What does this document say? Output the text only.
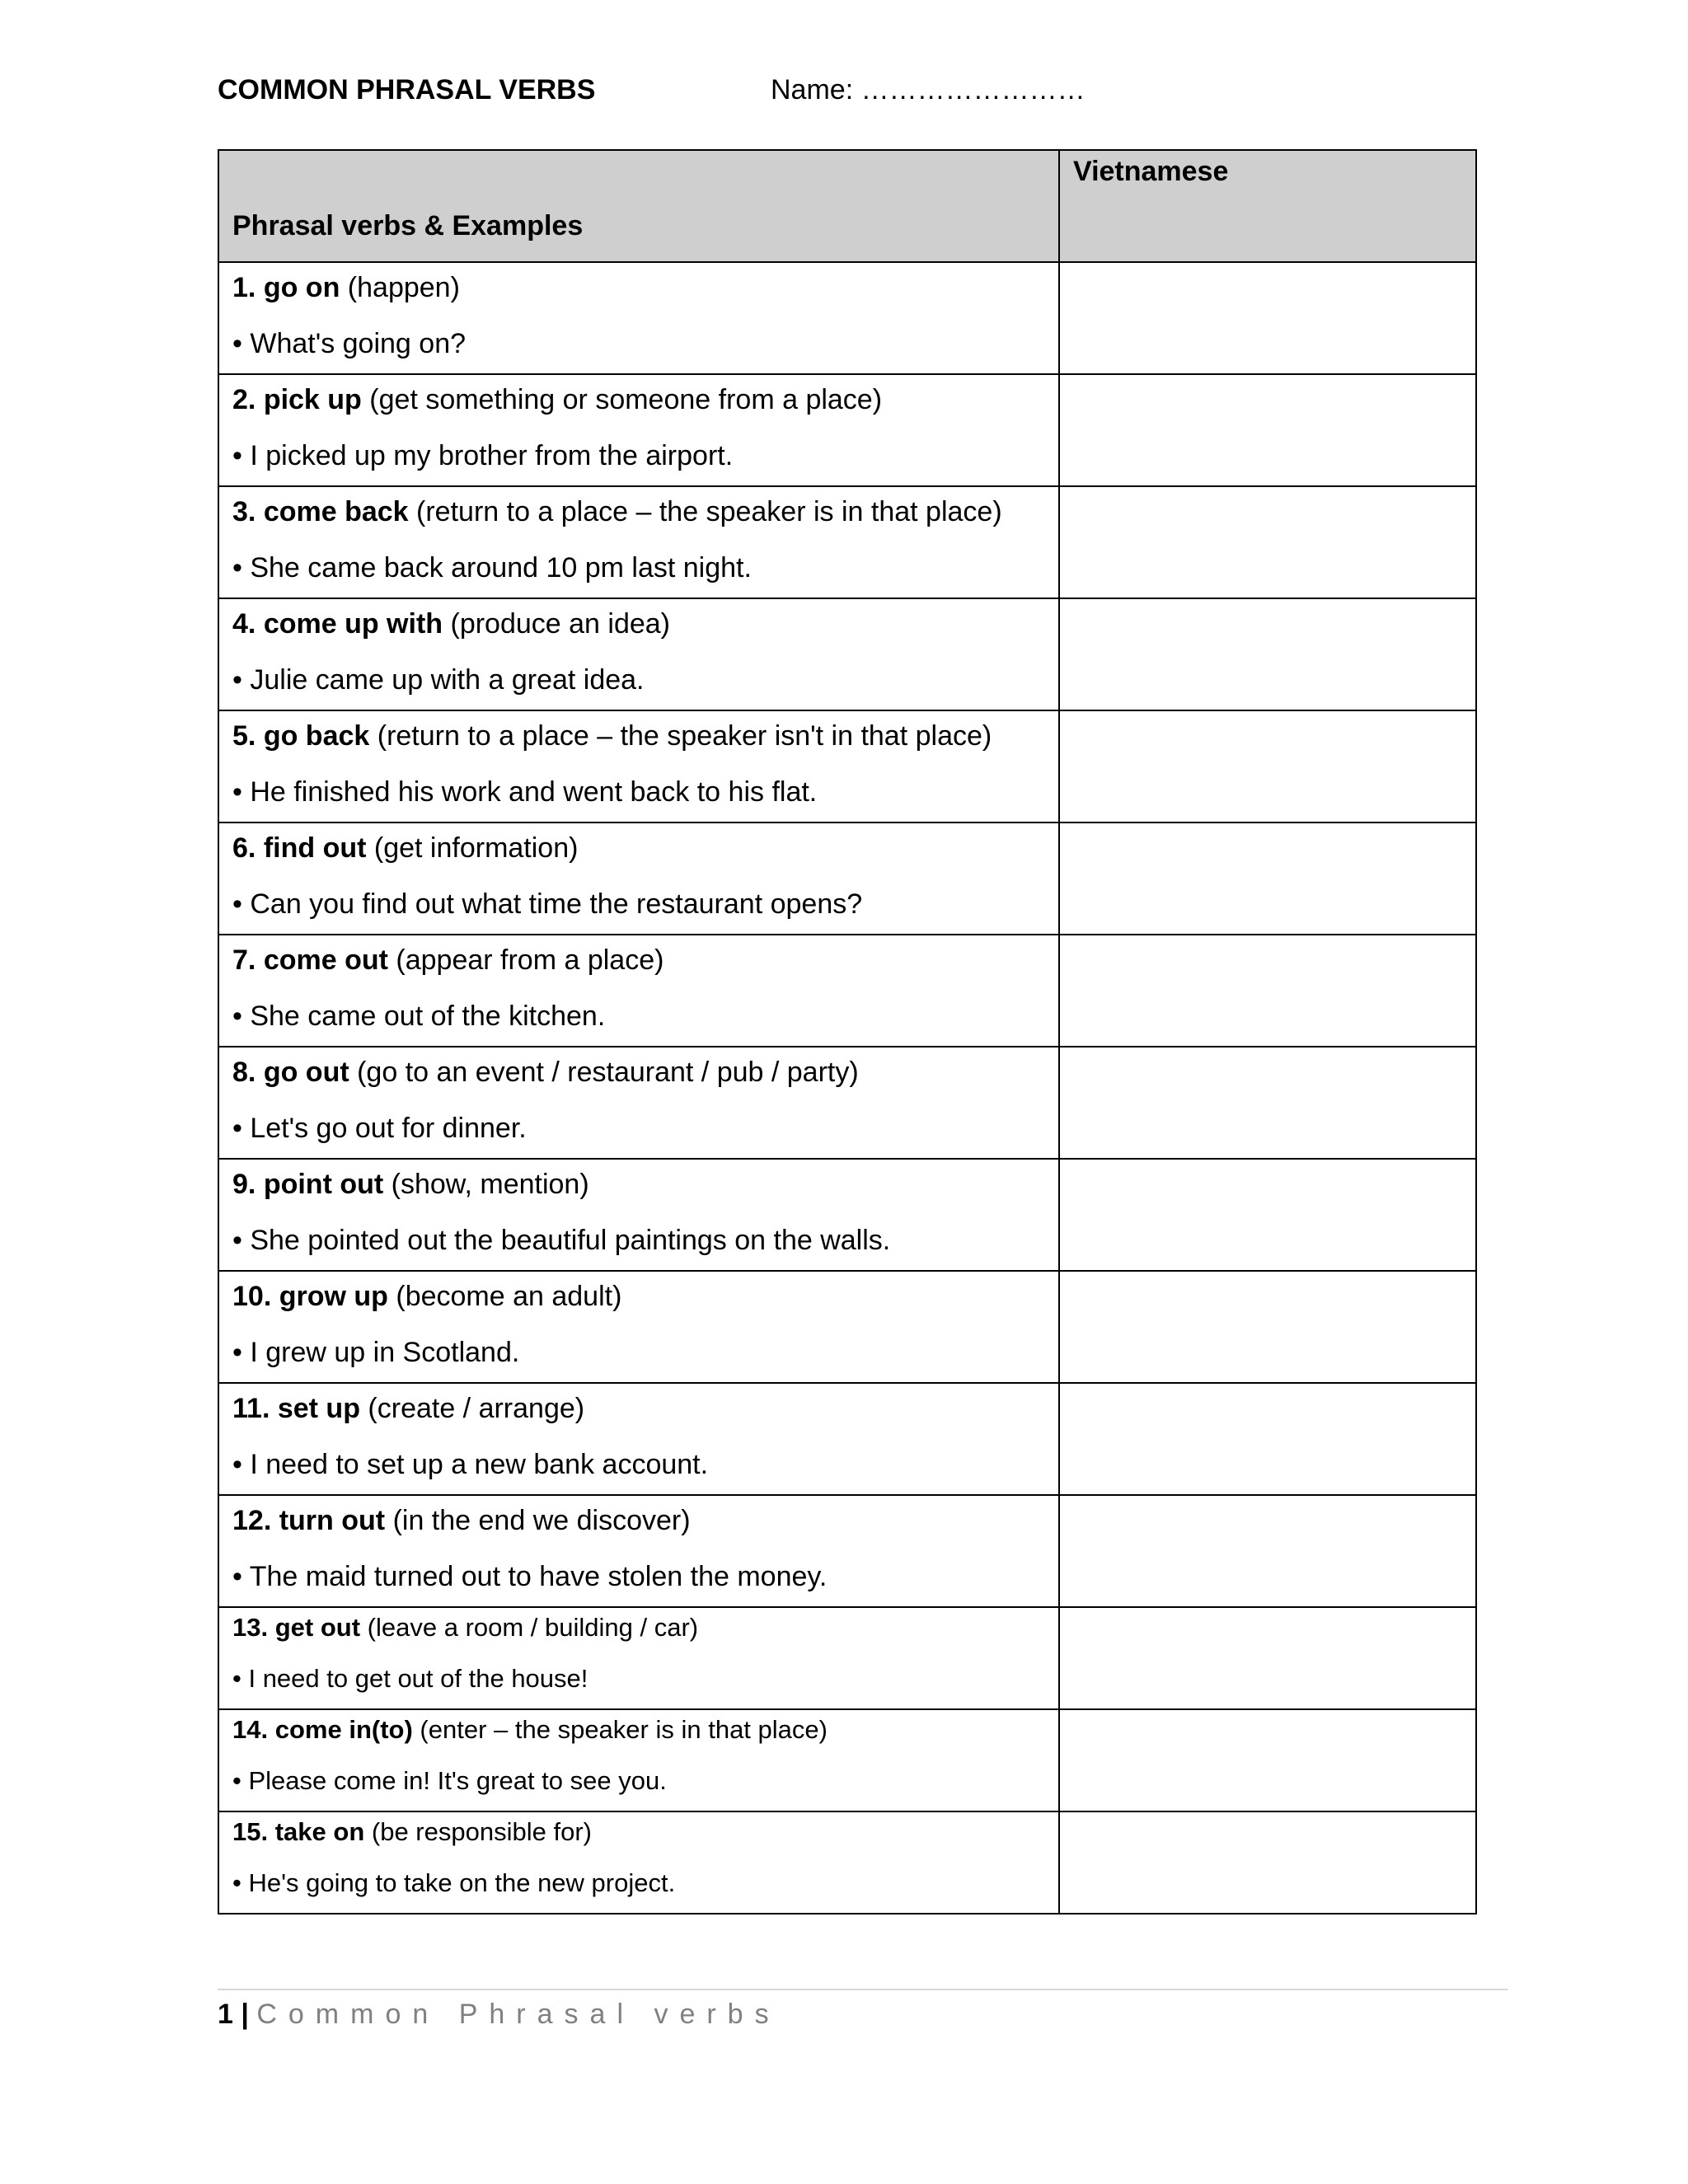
COMMON PHRASAL VERBS	Name: ……………………
Phrasal verbs & Examples	Vietnamese

1. go on (happen)
• What's going on?	

2. pick up (get something or someone from a place)
• I picked up my brother from the airport.	

3. come back (return to a place – the speaker is in that place)
• She came back around 10 pm last night.	

4. come up with (produce an idea)
• Julie came up with a great idea.	

5. go back (return to a place – the speaker isn't in that place)
• He finished his work and went back to his flat.	

6. find out (get information)
• Can you find out what time the restaurant opens?	

7. come out (appear from a place)
• She came out of the kitchen.	

8. go out (go to an event / restaurant / pub / party)
• Let's go out for dinner.	

9. point out (show, mention)
• She pointed out the beautiful paintings on the walls.	

10. grow up (become an adult)
• I grew up in Scotland.	

11. set up (create / arrange)
• I need to set up a new bank account.	

12. turn out (in the end we discover)
• The maid turned out to have stolen the money.	

13. get out (leave a room / building / car)
• I need to get out of the house!	

14. come in(to) (enter – the speaker is in that place)
• Please come in! It's great to see you.	

15. take on (be responsible for)
• He's going to take on the new project.	

1 | Common Phrasal verbs
